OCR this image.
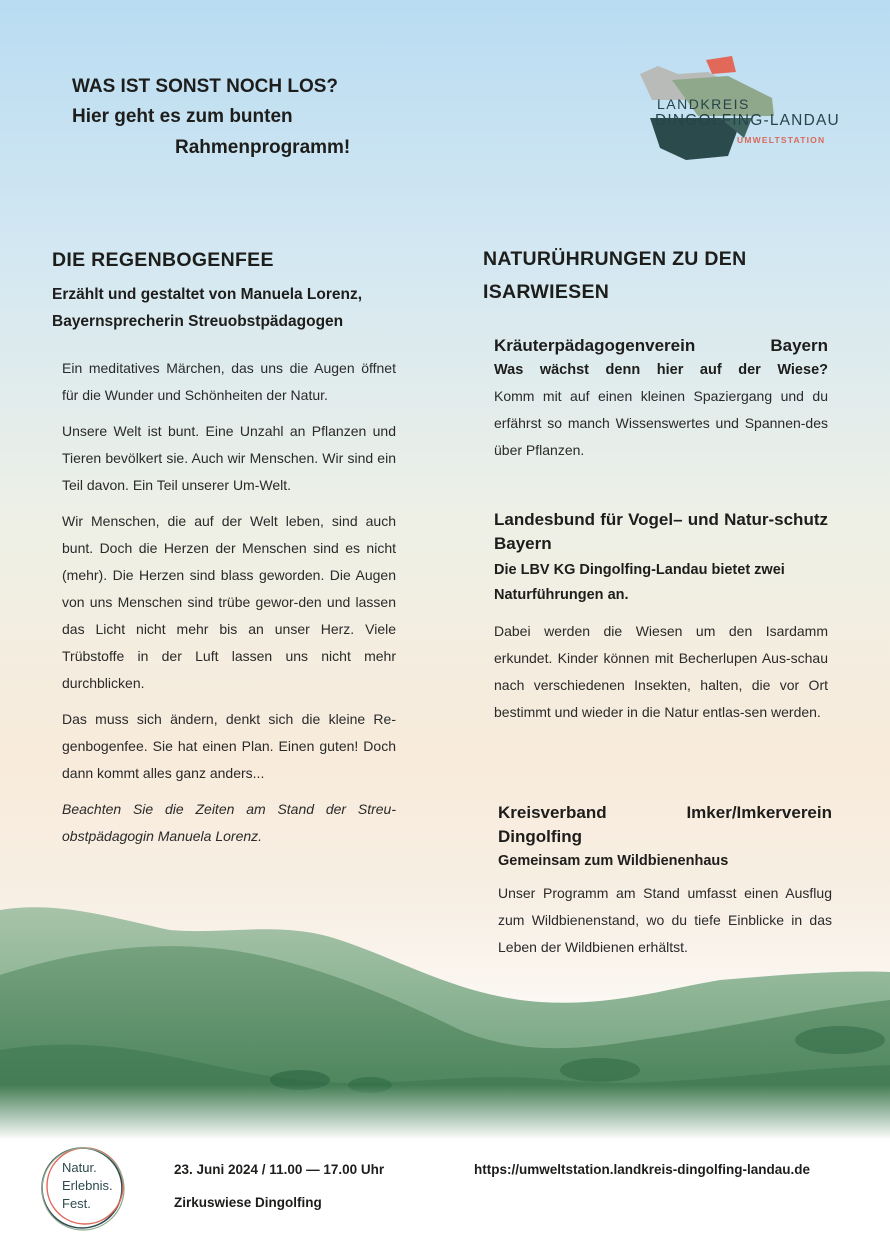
WAS IST SONST NOCH LOS?
Hier geht es zum bunten
Rahmenprogramm!
LANDKREIS
DINGOLFING-LANDAU
UMWELTSTATION
DIE REGENBOGENFEE
Erzählt und gestaltet von Manuela Lorenz,
Bayernsprecherin Streuobstpädagogen

Ein meditatives Märchen, das uns die Augen öffnet für die Wunder und Schönheiten der Natur.

Unsere Welt ist bunt. Eine Unzahl an Pflanzen und Tieren bevölkert sie. Auch wir Menschen. Wir sind ein Teil davon. Ein Teil unserer Um-Welt.

Wir Menschen, die auf der Welt leben, sind auch bunt. Doch die Herzen der Menschen sind es nicht (mehr). Die Herzen sind blass geworden. Die Augen von uns Menschen sind trübe gewor-den und lassen das Licht nicht mehr bis an unser Herz. Viele Trübstoffe in der Luft lassen uns nicht mehr durchblicken.

Das muss sich ändern, denkt sich die kleine Re-genbogenfee. Sie hat einen Plan. Einen guten! Doch dann kommt alles ganz anders...

Beachten Sie die Zeiten am Stand der Streu-obstpädagogin Manuela Lorenz.

NATURÜHRUNGEN ZU DEN
ISARWIESEN
Kräuterpädagogenverein Bayern
Was wächst denn hier auf der Wiese?

Komm mit auf einen kleinen Spaziergang und du erfährst so manch Wissenswertes und Spannen-des über Pflanzen.

Landesbund für Vogel– und Natur-schutz Bayern
Die LBV KG Dingolfing-Landau bietet zwei Naturführungen an.

Dabei werden die Wiesen um den Isardamm erkundet. Kinder können mit Becherlupen Aus-schau nach verschiedenen Insekten, halten, die vor Ort bestimmt und wieder in die Natur entlas-sen werden.

Kreisverband Imker/Imkerverein
Dingolfing
Gemeinsam zum Wildbienenhaus

Unser Programm am Stand umfasst einen Ausflug zum Wildbienenstand, wo du tiefe Einblicke in das Leben der Wildbienen erhältst.

Natur.
Erlebnis.
Fest.
23. Juni 2024 / 11.00 — 17.00 Uhr
Zirkuswiese Dingolfing
https://umweltstation.landkreis-dingolfing-landau.de
